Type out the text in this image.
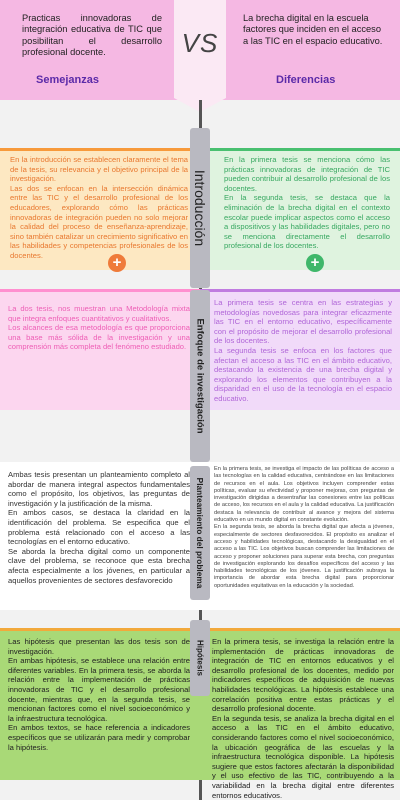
Practicas innovadoras de integración educativa de TIC que posibilitan el desarrollo profesional docente.
La brecha digital en la escuela factores que inciden en el acceso a las TIC en el espacio educativo.
Semejanzas	Diferencias
VS
En la introducción se establecen claramente el tema de la tesis, su relevancia y el objetivo principal de la investigación.
Las dos se enfocan en la intersección dinámica entre las TIC y el desarrollo profesional de los educadores, explorando cómo las prácticas innovadoras de integración pueden no solo mejorar la calidad del proceso de enseñanza-aprendizaje, sino también catalizar un crecimiento significativo en las habilidades y competencias profesionales de los docentes.	+
En la primera tesis se menciona cómo las prácticas innovadoras de integración de TIC pueden contribuir al desarrollo profesional de los docentes.
En la segunda tesis, se destaca que la eliminación de la brecha digital en el contexto escolar puede implicar aspectos como el acceso a dispositivos y las habilidades digitales, pero no se menciona directamente el desarrollo profesional de los docentes.
+
Introducción
La dos tesis, nos muestran una Metodología mixta que integra enfoques cuantitativos y cualitativos.
Los alcances de esa metodología es que proporciona una base más sólida de la investigación y una comprensión más completa del fenómeno estudiado.
La primera tesis se centra en las estrategias y metodologías novedosas para integrar eficazmente las TIC en el entorno educativo, específicamente con el propósito de mejorar el desarrollo profesional de los docentes.
La segunda tesis se enfoca en los factores que afectan el acceso a las TIC en el ámbito educativo, destacando la existencia de una brecha digital y explorando los elementos que contribuyen a la disparidad en el uso de la tecnología en el espacio educativo.
Enfoque de investigación
Ambas tesis presentan un planteamiento completo al abordar de manera integral aspectos fundamentales como el propósito, los objetivos, las preguntas de investigación y la justificación de la misma.
En ambos casos, se destaca la claridad en la identificación del problema. Se especifica que el problema está relacionado con el acceso a las tecnologías en el entorno educativo.
Se aborda la brecha digital como un componente clave del problema, se reconoce que esta brecha afecta especialmente a los jóvenes, en particular a aquellos provenientes de sectores desfavorecido
En la primera tesis, se investiga el impacto de las políticas de acceso a las tecnologías en la calidad educativa, centrándose en las limitaciones de recursos en el aula. Los objetivos incluyen comprender estas políticas, evaluar su efectividad y proponer mejoras, con preguntas de investigación dirigidas a desentrañar las conexiones entre las políticas de acceso, los recursos en el aula y la calidad educativa. La justificación destaca la relevancia de contribuir al avance y mejora del sistema educativo en un mundo digital en constante evolución.
En la segunda tesis, se aborda la brecha digital que afecta a jóvenes, especialmente de sectores desfavorecidos. El propósito es analizar el acceso y habilidades tecnológicas, destacando la desigualdad en el acceso a las TIC. Los objetivos buscan comprender las limitaciones de acceso y proponer soluciones para superar esta brecha, con preguntas de investigación explorando los desafíos específicos del acceso y las habilidades tecnológicas de los jóvenes. La justificación subraya la importancia de abordar esta brecha digital para proporcionar oportunidades equitativas en la educación y la sociedad.
Planteamiento del problema
Las hipótesis que presentan las dos tesis son de investigación.
En ambas hipótesis, se establece una relación entre diferentes variables. En la primera tesis, se aborda la relación entre la implementación de prácticas innovadoras de TIC y el desarrollo profesional docente, mientras que, en la segunda tesis, se mencionan factores como el nivel socioeconómico y la infraestructura tecnológica.
En ambos textos, se hace referencia a indicadores específicos que se utilizarán para medir y comprobar la hipótesis.
En la primera tesis, se investiga la relación entre la implementación de prácticas innovadoras de integración de TIC en entornos educativos y el desarrollo profesional de los docentes, medido por indicadores específicos de adquisición de nuevas habilidades tecnológicas. La hipótesis establece una correlación positiva entre estas prácticas y el desarrollo profesional docente.
En la segunda tesis, se analiza la brecha digital en el acceso a las TIC en el ámbito educativo, considerando factores como el nivel socioeconómico, la ubicación geográfica de las escuelas y la infraestructura tecnológica disponible. La hipótesis sugiere que estos factores afectarán la disponibilidad y el uso efectivo de las TIC, contribuyendo a la variabilidad en la brecha digital entre diferentes entornos educativos.
Hipótesis
